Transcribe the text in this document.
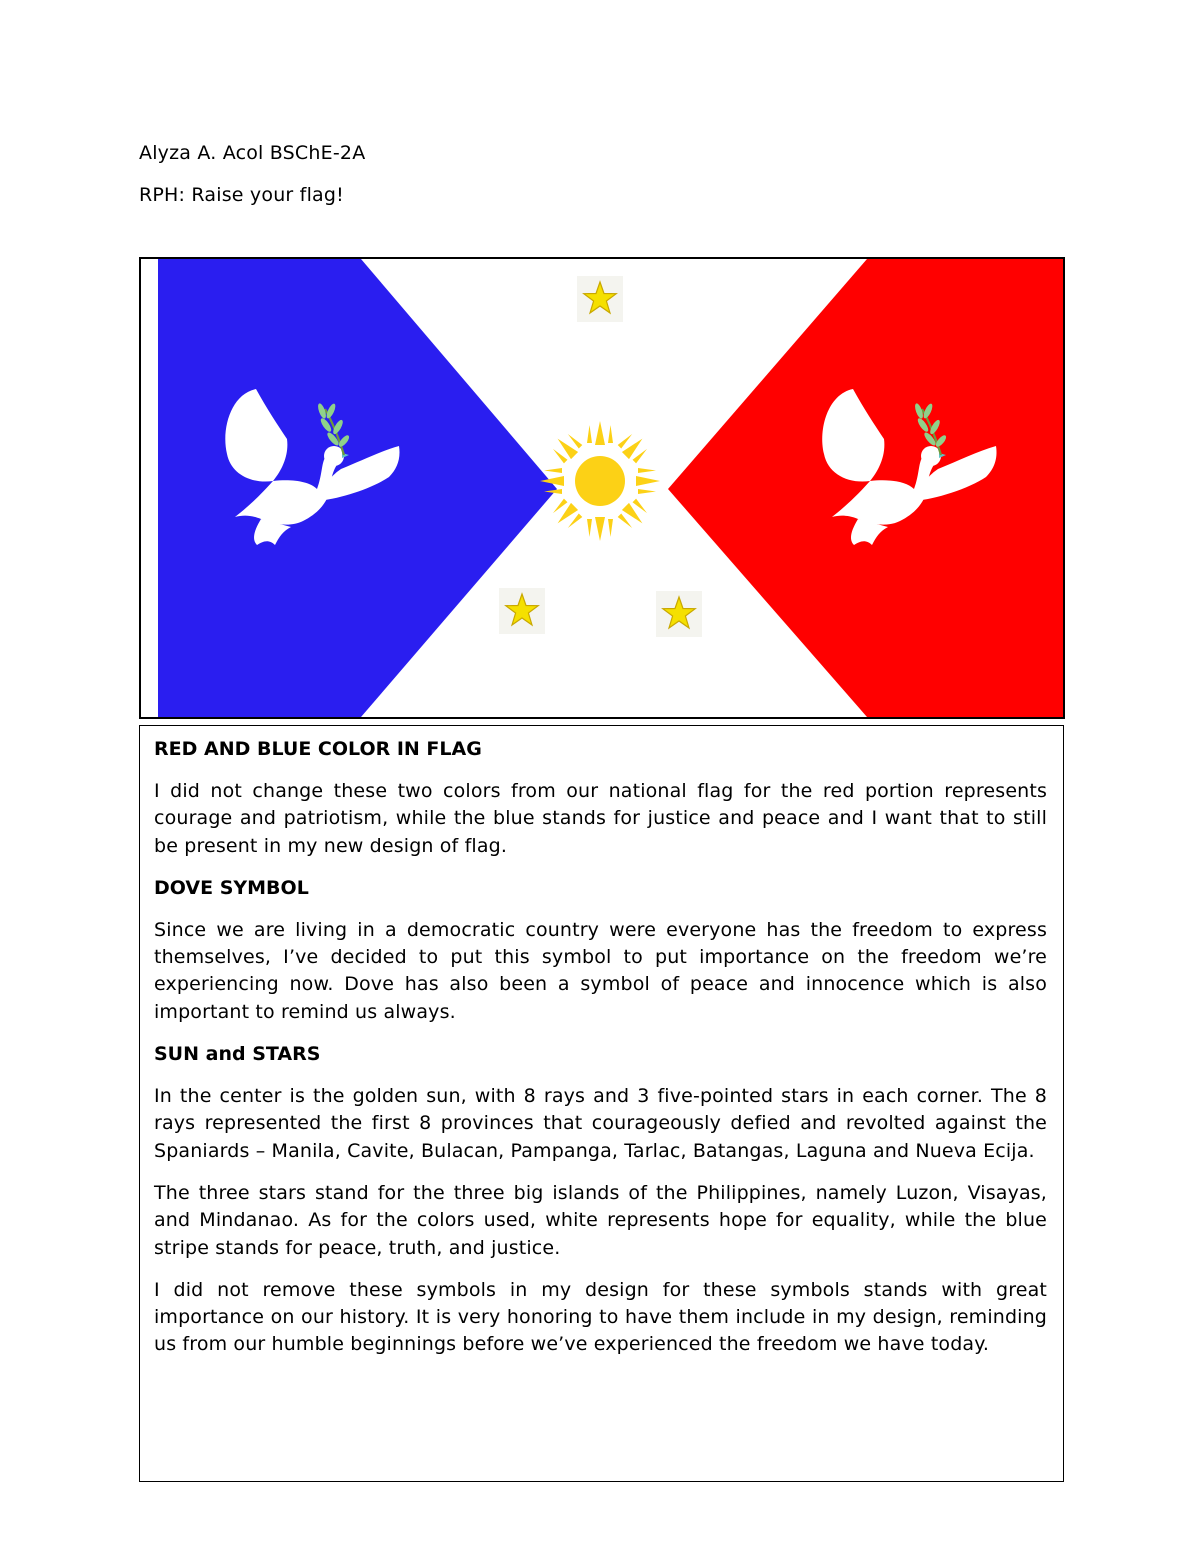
Alyza A. Acol BSChE-2A
RPH: Raise your flag!
RED AND BLUE COLOR IN FLAG

I did not change these two colors from our national flag for the red portion represents courage and patriotism, while the blue stands for justice and peace and I want that to still be present in my new design of flag.

DOVE SYMBOL

Since we are living in a democratic country were everyone has the freedom to express themselves, I’ve decided to put this symbol to put importance on the freedom we’re experiencing now. Dove has also been a symbol of peace and innocence which is also important to remind us always.

SUN and STARS

In the center is the golden sun, with 8 rays and 3 five-pointed stars in each corner. The 8 rays represented the first 8 provinces that courageously defied and revolted against the Spaniards – Manila, Cavite, Bulacan, Pampanga, Tarlac, Batangas, Laguna and Nueva Ecija.

The three stars stand for the three big islands of the Philippines, namely Luzon, Visayas, and Mindanao. As for the colors used, white represents hope for equality, while the blue stripe stands for peace, truth, and justice.

I did not remove these symbols in my design for these symbols stands with great importance on our history. It is very honoring to have them include in my design, reminding us from our humble beginnings before we’ve experienced the freedom we have today.
